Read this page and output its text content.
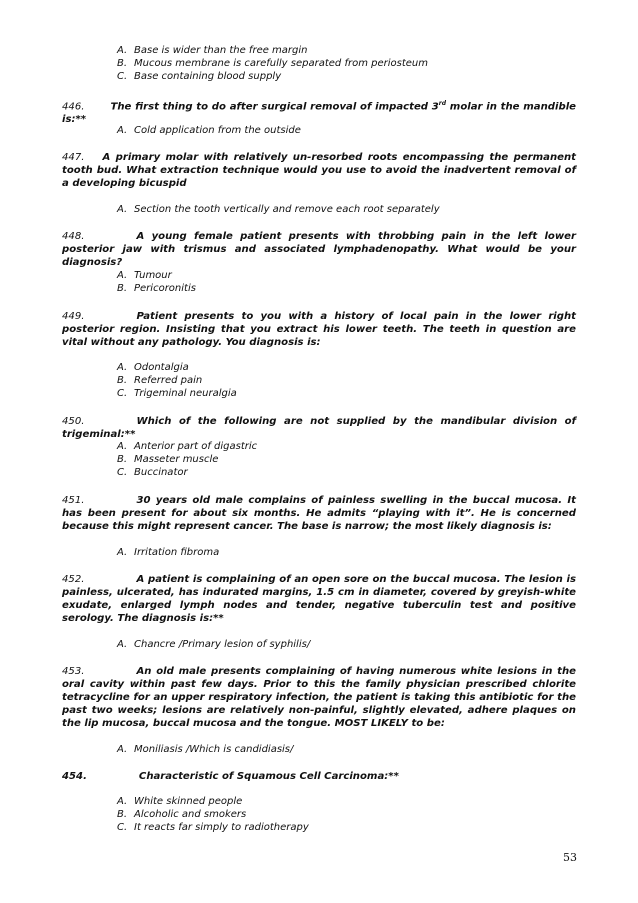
A. Base is wider than the free margin
B. Mucous membrane is carefully separated from periosteum
C. Base containing blood supply
446.	The first thing to do after surgical removal of impacted 3rd molar in the mandible is:**
A. Cold application from the outside
447. A primary molar with relatively un-resorbed roots encompassing the permanent tooth bud. What extraction technique would you use to avoid the inadvertent removal of a developing bicuspid
A. Section the tooth vertically and remove each root separately
448.	A young female patient presents with throbbing pain in the left lower posterior jaw with trismus and associated lymphadenopathy. What would be your diagnosis?
A. Tumour
B. Pericoronitis
449.	Patient presents to you with a history of local pain in the lower right posterior region. Insisting that you extract his lower teeth. The teeth in question are vital without any pathology. You diagnosis is:
A. Odontalgia
B. Referred pain
C. Trigeminal neuralgia
450.	Which of the following are not supplied by the mandibular division of trigeminal:**
A. Anterior part of digastric
B. Masseter muscle
C. Buccinator
451.	30 years old male complains of painless swelling in the buccal mucosa. It has been present for about six months. He admits “playing with it”. He is concerned because this might represent cancer. The base is narrow; the most likely diagnosis is:
A. Irritation fibroma
452.	A patient is complaining of an open sore on the buccal mucosa. The lesion is painless, ulcerated, has indurated margins, 1.5 cm in diameter, covered by greyish-white exudate, enlarged lymph nodes and tender, negative tuberculin test and positive serology. The diagnosis is:**
A. Chancre /Primary lesion of syphilis/
453.	An old male presents complaining of having numerous white lesions in the oral cavity within past few days. Prior to this the family physician prescribed chlorite tetracycline for an upper respiratory infection, the patient is taking this antibiotic for the past two weeks; lesions are relatively non-painful, slightly elevated, adhere plaques on the lip mucosa, buccal mucosa and the tongue. MOST LIKELY to be:
A. Moniliasis /Which is candidiasis/
454.	Characteristic of Squamous Cell Carcinoma:**
A. White skinned people
B. Alcoholic and smokers
C. It reacts far simply to radiotherapy
53
